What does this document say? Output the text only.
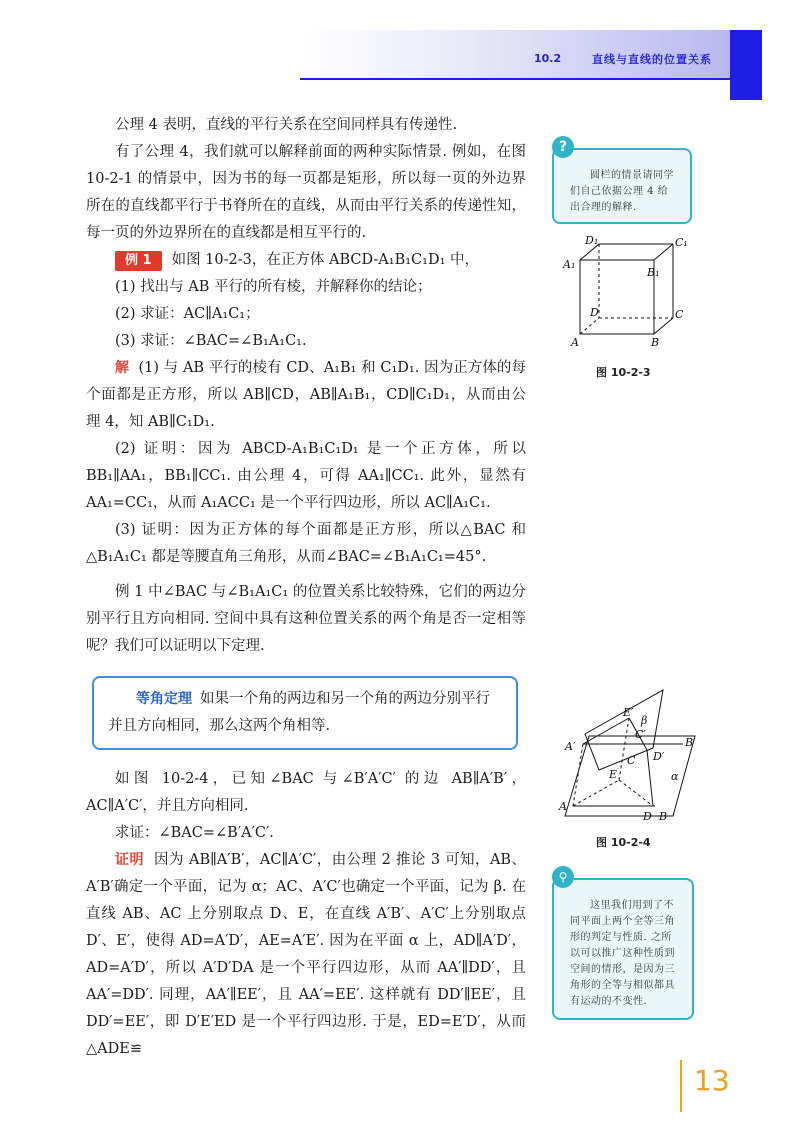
10.2	直线与直线的位置关系

公理 4 表明，直线的平行关系在空间同样具有传递性.

有了公理 4，我们就可以解释前面的两种实际情景. 例如，在图 10-2-1 的情景中，因为书的每一页都是矩形，所以每一页的外边界所在的直线都平行于书脊所在的直线，从而由平行关系的传递性知，每一页的外边界所在的直线都是相互平行的.

例 1 如图 10-2-3，在正方体 ABCD-A₁B₁C₁D₁ 中，

(1) 找出与 AB 平行的所有棱，并解释你的结论；

(2) 求证：AC∥A₁C₁；

(3) 求证：∠BAC=∠B₁A₁C₁.

解 (1) 与 AB 平行的棱有 CD、A₁B₁ 和 C₁D₁. 因为正方体的每个面都是正方形，所以 AB∥CD，AB∥A₁B₁，CD∥C₁D₁，从而由公理 4，知 AB∥C₁D₁.

(2) 证明：因为 ABCD-A₁B₁C₁D₁ 是一个正方体，所以 BB₁∥AA₁，BB₁∥CC₁. 由公理 4，可得 AA₁∥CC₁. 此外，显然有 AA₁=CC₁，从而 A₁ACC₁ 是一个平行四边形，所以 AC∥A₁C₁.

(3) 证明：因为正方体的每个面都是正方形，所以△BAC 和△B₁A₁C₁ 都是等腰直角三角形，从而∠BAC=∠B₁A₁C₁=45°.

例 1 中∠BAC 与∠B₁A₁C₁ 的位置关系比较特殊，它们的两边分别平行且方向相同. 空间中具有这种位置关系的两个角是否一定相等呢？我们可以证明以下定理.

等角定理 如果一个角的两边和另一个角的两边分别平行并且方向相同，那么这两个角相等.

如图 10-2-4，已知∠BAC 与∠B′A′C′ 的边 AB∥A′B′，AC∥A′C′，并且方向相同.

求证：∠BAC=∠B′A′C′.

证明 因为 AB∥A′B′，AC∥A′C′，由公理 2 推论 3 可知，AB、A′B′确定一个平面，记为 α；AC、A′C′也确定一个平面，记为 β. 在直线 AB、AC 上分别取点 D、E，在直线 A′B′、A′C′上分别取点 D′、E′，使得 AD=A′D′，AE=A′E′. 因为在平面 α 上，AD∥A′D′，AD=A′D′，所以 A′D′DA 是一个平行四边形，从而 AA′∥DD′，且 AA′=DD′. 同理，AA′∥EE′，且 AA′=EE′. 这样就有 DD′∥EE′，且 DD′=EE′，即 D′E′ED 是一个平行四边形. 于是，ED=E′D′，从而△ADE≌

圆栏的情景请同学们自己依据公理 4 给出合理的解释.
?
D₁	C₁
A₁
B₁
D	C
A	B
图 10-2-3
E′
β
A′	B′
C′
D′
C
E	α
A
D B
图 10-2-4
这里我们用到了不同平面上两个全等三角形的判定与性质. 之所以可以推广这种性质到空间的情形，是因为三角形的全等与相似都具有运动的不变性.
⚲
13
